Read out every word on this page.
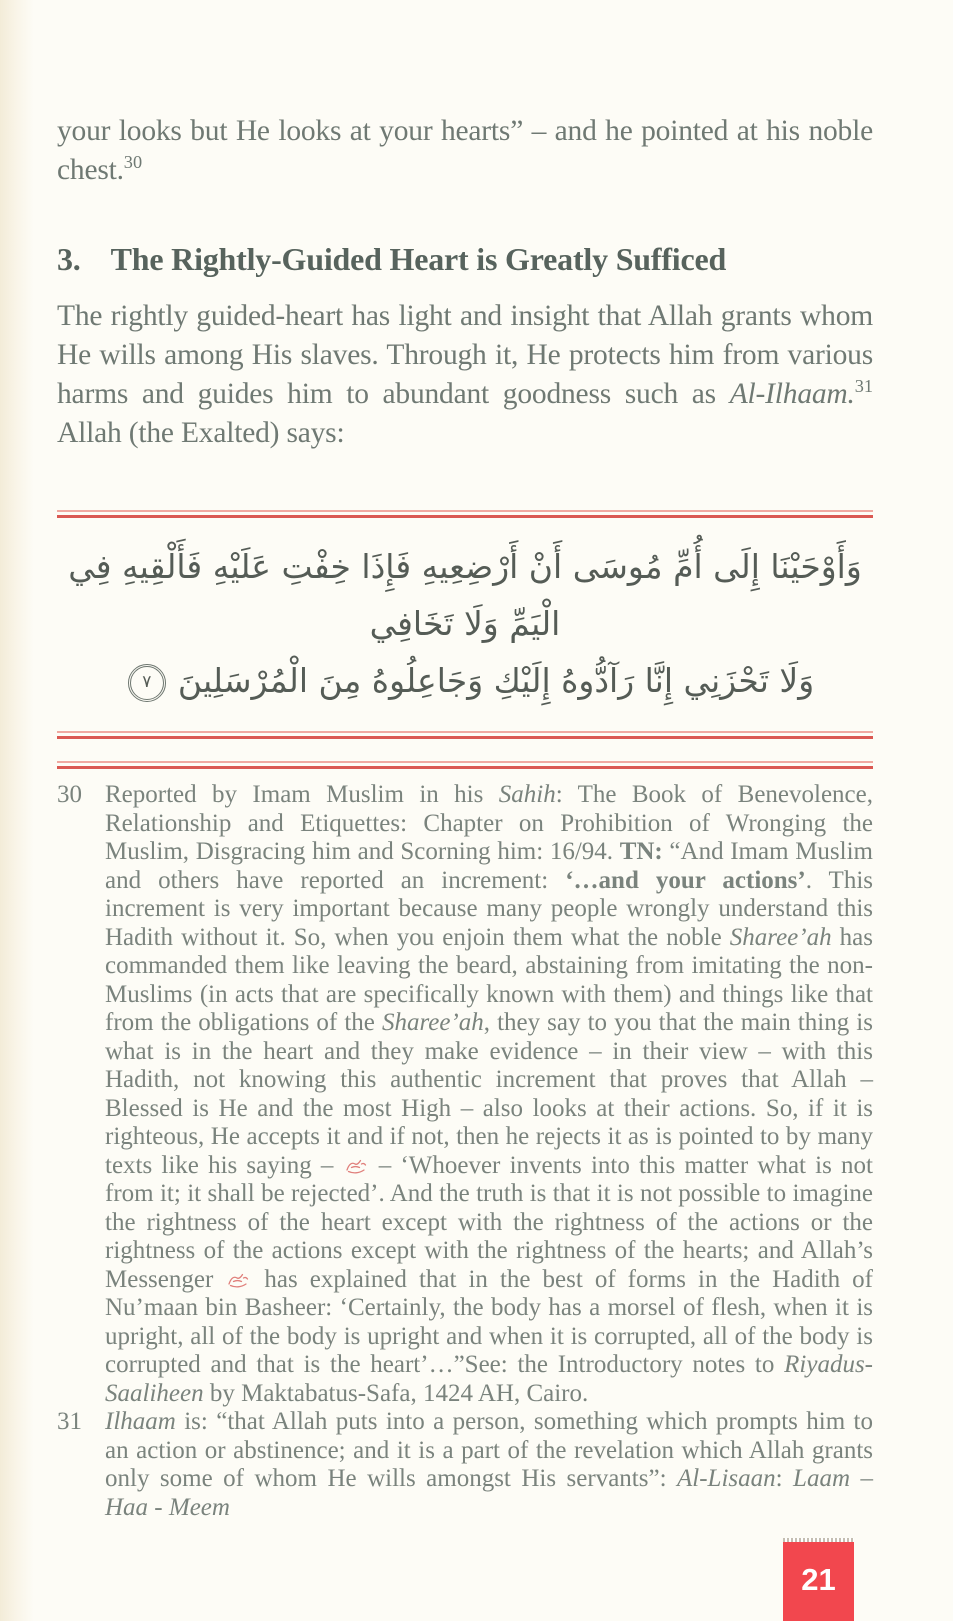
your looks but He looks at your hearts” – and he pointed at his noble chest.$^{30}$

3. The Rightly-Guided Heart is Greatly Sufficed

The rightly guided-heart has light and insight that Allah grants whom He wills among His slaves. Through it, He protects him from various harms and guides him to abundant goodness such as Al-Ilhaam.$^{31}$ Allah (the Exalted) says:

وَأَوْحَيْنَا إِلَى أُمِّ مُوسَى أَنْ أَرْضِعِيهِ فَإِذَا خِفْتِ عَلَيْهِ فَأَلْقِيهِ فِي الْيَمِّ وَلَا تَخَافِي
وَلَا تَحْزَنِي إِنَّا رَآدُّوهُ إِلَيْكِ وَجَاعِلُوهُ مِنَ الْمُرْسَلِينَ
٧
30 Reported by Imam Muslim in his Sahih: The Book of Benevolence, Relationship and Etiquettes: Chapter on Prohibition of Wronging the Muslim, Disgracing him and Scorning him: 16/94. TN: “And Imam Muslim and others have reported an increment: ‘…and your actions’. This increment is very important because many people wrongly understand this Hadith without it. So, when you enjoin them what the noble Sharee’ah has commanded them like leaving the beard, abstaining from imitating the non-Muslims (in acts that are specifically known with them) and things like that from the obligations of the Sharee’ah, they say to you that the main thing is what is in the heart and they make evidence – in their view – with this Hadith, not knowing this authentic increment that proves that Allah – Blessed is He and the most High – also looks at their actions. So, if it is righteous, He accepts it and if not, then he rejects it as is pointed to by many texts like his saying –  – ‘Whoever invents into this matter what is not from it; it shall be rejected’. And the truth is that it is not possible to imagine the rightness of the heart except with the rightness of the actions or the rightness of the actions except with the rightness of the hearts; and Allah’s Messenger  has explained that in the best of forms in the Hadith of Nu’maan bin Basheer: ‘Certainly, the body has a morsel of flesh, when it is upright, all of the body is upright and when it is corrupted, all of the body is corrupted and that is the heart’…”See: the Introductory notes to Riyadus-Saaliheen by Maktabatus-Safa, 1424 AH, Cairo.
31 Ilhaam is: “that Allah puts into a person, something which prompts him to an action or abstinence; and it is a part of the revelation which Allah grants only some of whom He wills amongst His servants”: Al-Lisaan: Laam – Haa - Meem
21
